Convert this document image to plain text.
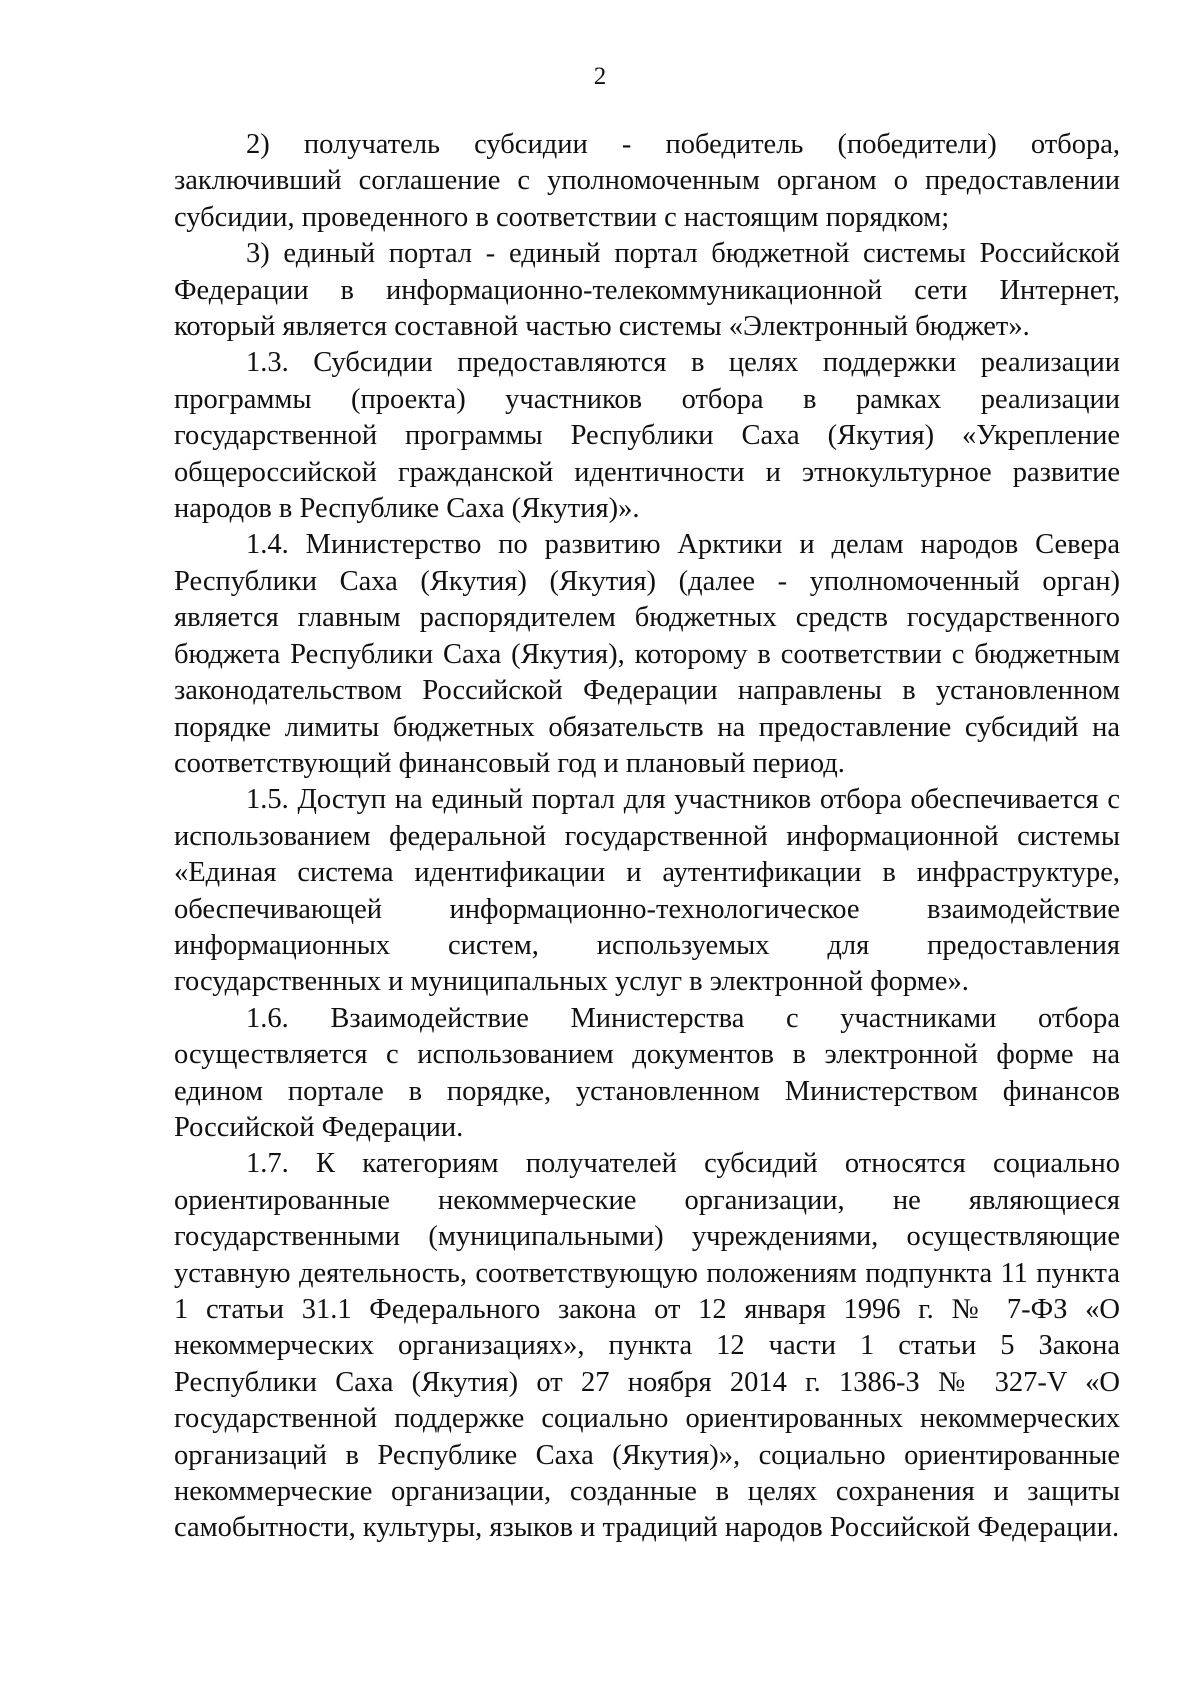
2

2) получатель субсидии - победитель (победители) отбора, заключивший соглашение с уполномоченным органом о предоставлении субсидии, проведенного в соответствии с настоящим порядком;

3) единый портал - единый портал бюджетной системы Российской Федерации в информационно-телекоммуникационной сети Интернет, который является составной частью системы «Электронный бюджет».

1.3. Субсидии предоставляются в целях поддержки реализации программы (проекта) участников отбора в рамках реализации государственной программы Республики Саха (Якутия) «Укрепление общероссийской гражданской идентичности и этнокультурное развитие народов в Республике Саха (Якутия)».

1.4. Министерство по развитию Арктики и делам народов Севера Республики Саха (Якутия) (Якутия) (далее - уполномоченный орган) является главным распорядителем бюджетных средств государственного бюджета Республики Саха (Якутия), которому в соответствии с бюджетным законодательством Российской Федерации направлены в установленном порядке лимиты бюджетных обязательств на предоставление субсидий на соответствующий финансовый год и плановый период.

1.5. Доступ на единый портал для участников отбора обеспечивается с использованием федеральной государственной информационной системы «Единая система идентификации и аутентификации в инфраструктуре, обеспечивающей информационно-технологическое взаимодействие информационных систем, используемых для предоставления государственных и муниципальных услуг в электронной форме».

1.6. Взаимодействие Министерства с участниками отбора осуществляется с использованием документов в электронной форме на едином портале в порядке, установленном Министерством финансов Российской Федерации.

1.7. К категориям получателей субсидий относятся социально ориентированные некоммерческие организации, не являющиеся государственными (муниципальными) учреждениями, осуществляющие уставную деятельность, соответствующую положениям подпункта 11 пункта 1 статьи 31.1 Федерального закона от 12 января 1996 г. № 7-ФЗ «О некоммерческих организациях», пункта 12 части 1 статьи 5 Закона Республики Саха (Якутия) от 27 ноября 2014 г. 1386-З № 327-V «О государственной поддержке социально ориентированных некоммерческих организаций в Республике Саха (Якутия)», социально ориентированные некоммерческие организации, созданные в целях сохранения и защиты самобытности, культуры, языков и традиций народов Российской Федерации.
